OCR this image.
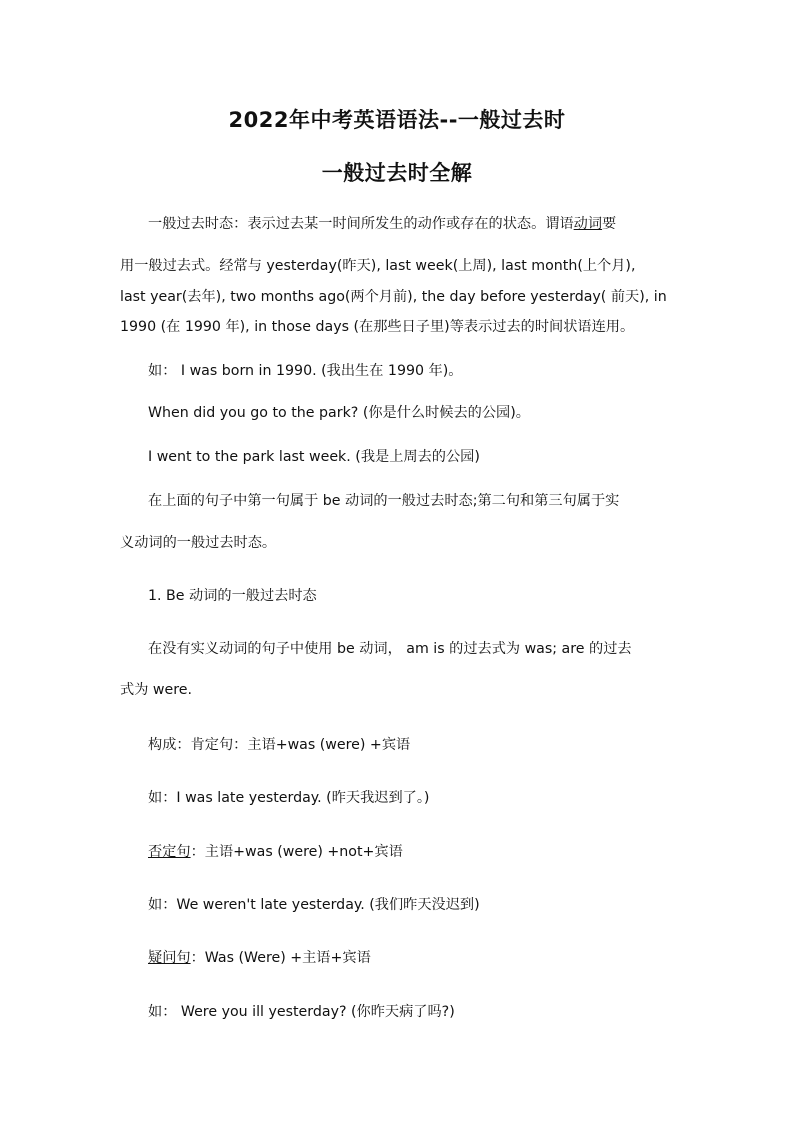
2022年中考英语语法--一般过去时
一般过去时全解
一般过去时态：表示过去某一时间所发生的动作或存在的状态。谓语动词要
用一般过去式。经常与 yesterday(昨天), last week(上周), last month(上个月),
last year(去年), two months ago(两个月前), the day before yesterday( 前天), in
1990 (在 1990 年), in those days (在那些日子里)等表示过去的时间状语连用。
如： I was born in 1990. (我出生在 1990 年)。
When did you go to the park? (你是什么时候去的公园)。
I went to the park last week. (我是上周去的公园)
在上面的句子中第一句属于 be 动词的一般过去时态;第二句和第三句属于实
义动词的一般过去时态。
1. Be 动词的一般过去时态
在没有实义动词的句子中使用 be 动词， am is 的过去式为 was; are 的过去
式为 were.
构成：肯定句：主语+was (were) +宾语
如：I was late yesterday. (昨天我迟到了。)
否定句：主语+was (were) +not+宾语
如：We weren't late yesterday. (我们昨天没迟到)
疑问句：Was (Were) +主语+宾语
如： Were you ill yesterday? (你昨天病了吗?)
